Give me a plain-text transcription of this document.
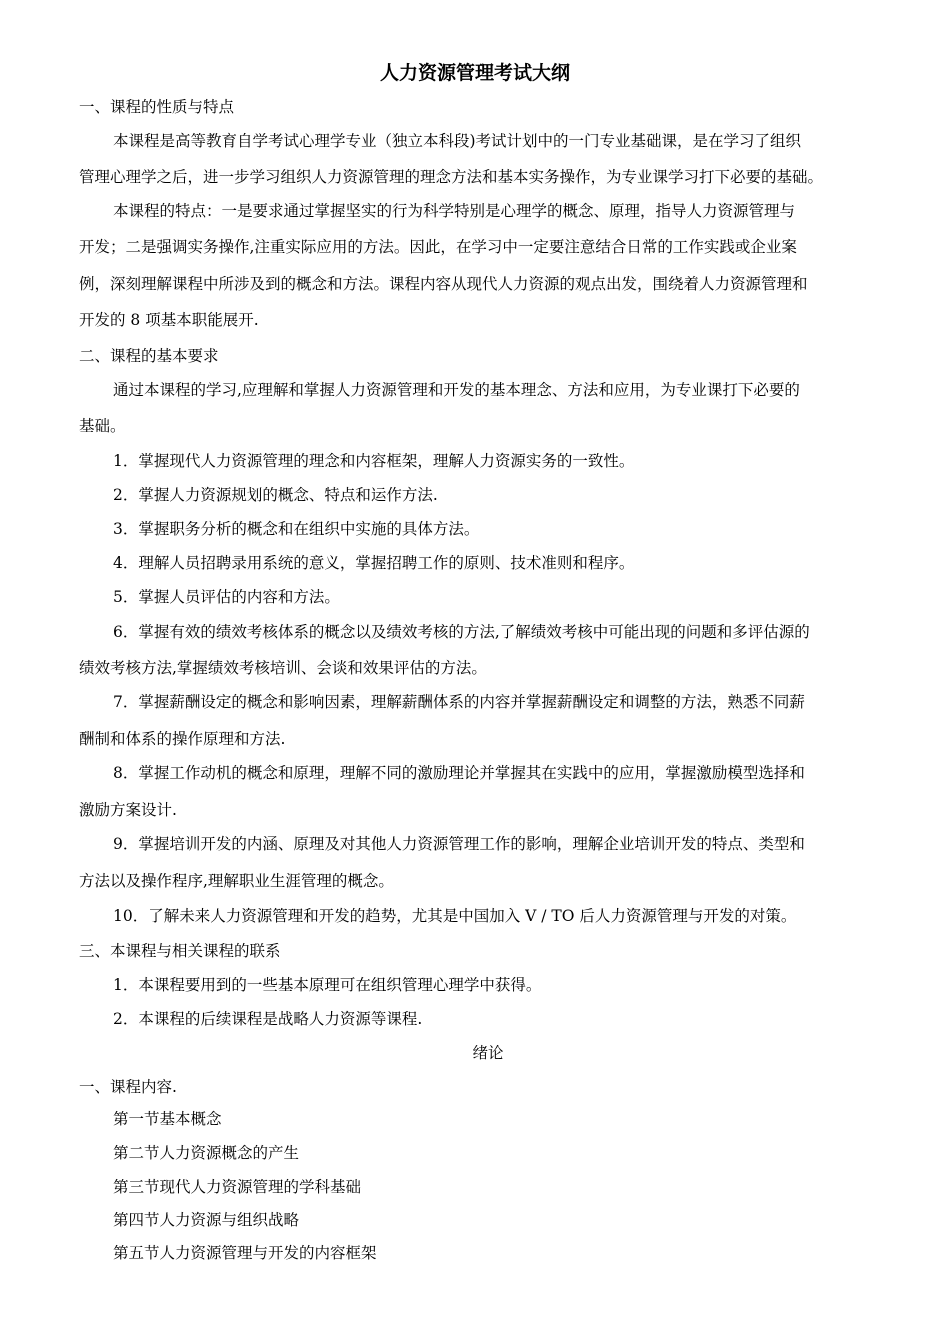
人力资源管理考试大纲
一、课程的性质与特点
本课程是高等教育自学考试心理学专业（独立本科段)考试计划中的一门专业基础课，是在学习了组织
管理心理学之后，进一步学习组织人力资源管理的理念方法和基本实务操作，为专业课学习打下必要的基础。
本课程的特点：一是要求通过掌握坚实的行为科学特别是心理学的概念、原理，指导人力资源管理与
开发；二是强调实务操作,注重实际应用的方法。因此，在学习中一定要注意结合日常的工作实践或企业案
例，深刻理解课程中所涉及到的概念和方法。课程内容从现代人力资源的观点出发，围绕着人力资源管理和
开发的 8 项基本职能展开.
二、课程的基本要求
通过本课程的学习,应理解和掌握人力资源管理和开发的基本理念、方法和应用，为专业课打下必要的
基础。
1．掌握现代人力资源管理的理念和内容框架，理解人力资源实务的一致性。
2．掌握人力资源规划的概念、特点和运作方法.
3．掌握职务分析的概念和在组织中实施的具体方法。
4．理解人员招聘录用系统的意义，掌握招聘工作的原则、技术准则和程序。
5．掌握人员评估的内容和方法。
6．掌握有效的绩效考核体系的概念以及绩效考核的方法,了解绩效考核中可能出现的问题和多评估源的
绩效考核方法,掌握绩效考核培训、会谈和效果评估的方法。
7．掌握薪酬设定的概念和影响因素，理解薪酬体系的内容并掌握薪酬设定和调整的方法，熟悉不同薪
酬制和体系的操作原理和方法.
8．掌握工作动机的概念和原理，理解不同的激励理论并掌握其在实践中的应用，掌握激励模型选择和
激励方案设计.
9．掌握培训开发的内涵、原理及对其他人力资源管理工作的影响，理解企业培训开发的特点、类型和
方法以及操作程序,理解职业生涯管理的概念。
10．了解未来人力资源管理和开发的趋势，尤其是中国加入 V / TO 后人力资源管理与开发的对策。
三、本课程与相关课程的联系
1．本课程要用到的一些基本原理可在组织管理心理学中获得。
2．本课程的后续课程是战略人力资源等课程.
绪论
一、课程内容.
第一节基本概念
第二节人力资源概念的产生
第三节现代人力资源管理的学科基础
第四节人力资源与组织战略
第五节人力资源管理与开发的内容框架
